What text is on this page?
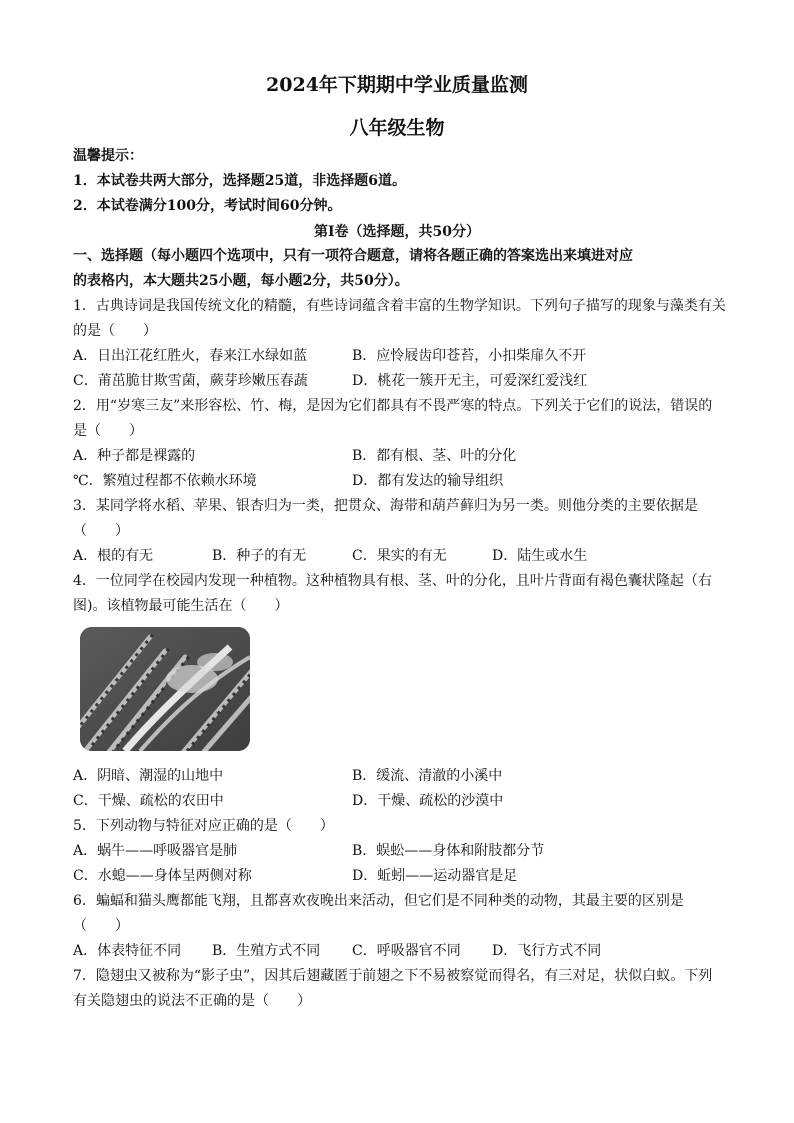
2024年下期期中学业质量监测
八年级生物
温馨提示：
1．本试卷共两大部分，选择题25道，非选择题6道。
2．本试卷满分100分，考试时间60分钟。
第Ⅰ卷（选择题，共50分）
一、选择题（每小题四个选项中，只有一项符合题意，请将各题正确的答案选出来填进对应
的表格内，本大题共25小题，每小题2分，共50分）。
1．古典诗词是我国传统文化的精髓，有些诗词蕴含着丰富的生物学知识。下列句子描写的现象与藻类有关
的是（　　）
A．日出江花红胜火，春来江水绿如蓝	B．应怜屐齿印苍苔，小扣柴扉久不开
C．莆茁脆甘欺雪菌，蕨芽珍嫩压春蔬	D．桃花一簇开无主，可爱深红爱浅红
2．用“岁寒三友”来形容松、竹、梅，是因为它们都具有不畏严寒的特点。下列关于它们的说法，错误的
是（　　）
A．种子都是裸露的	B．都有根、茎、叶的分化
℃．繁殖过程都不依赖水环境	D．都有发达的输导组织
3．某同学将水稻、苹果、银杏归为一类，把贯众、海带和葫芦藓归为另一类。则他分类的主要依据是
（　　）
A．根的有无	B．种子的有无	C．果实的有无	D．陆生或水生
4．一位同学在校园内发现一种植物。这种植物具有根、茎、叶的分化，且叶片背面有褐色囊状隆起（右
图)。该植物最可能生活在（　　）
A．阴暗、潮湿的山地中	B．缓流、清澈的小溪中
C．干燥、疏松的农田中	D．干燥、疏松的沙漠中
5．下列动物与特征对应正确的是（　　）
A．蜗牛——呼吸器官是肺	B．蜈蚣——身体和附肢都分节
C．水螅——身体呈两侧对称	D．蚯蚓——运动器官是足
6．蝙蝠和猫头鹰都能飞翔，且都喜欢夜晚出来活动，但它们是不同种类的动物，其最主要的区别是
（　　）
A．体表特征不同 B．生殖方式不同 C．呼吸器官不同 D．飞行方式不同
7．隐翅虫又被称为“影子虫”，因其后翅藏匿于前翅之下不易被察觉而得名，有三对足，状似白蚁。下列
有关隐翅虫的说法不正确的是（　　）
